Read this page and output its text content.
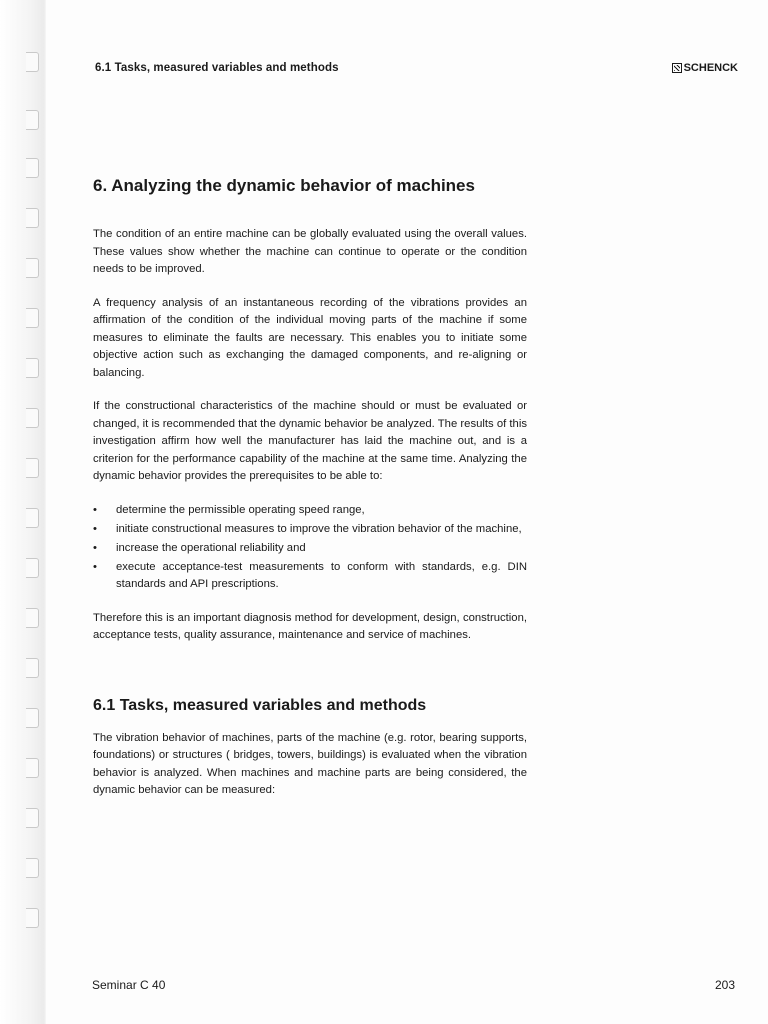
6.1 Tasks, measured variables and methods	SCHENCK
6. Analyzing the dynamic behavior of machines

The condition of an entire machine can be globally evaluated using the overall values. These values show whether the machine can continue to operate or the condition needs to be improved.

A frequency analysis of an instantaneous recording of the vibrations provides an affirmation of the condition of the individual moving parts of the machine if some measures to eliminate the faults are necessary. This enables you to initiate some objective action such as exchanging the damaged components, and re-aligning or balancing.

If the constructional characteristics of the machine should or must be evaluated or changed, it is recommended that the dynamic behavior be analyzed. The results of this investigation affirm how well the manufacturer has laid the machine out, and is a criterion for the performance capability of the machine at the same time. Analyzing the dynamic behavior provides the prerequisites to be able to:

• determine the permissible operating speed range,
• initiate constructional measures to improve the vibration behavior of the machine,
• increase the operational reliability and
• execute acceptance-test measurements to conform with standards, e.g. DIN standards and API prescriptions.

Therefore this is an important diagnosis method for development, design, construction, acceptance tests, quality assurance, maintenance and service of machines.

6.1 Tasks, measured variables and methods

The vibration behavior of machines, parts of the machine (e.g. rotor, bearing supports, foundations) or structures ( bridges, towers, buildings) is evaluated when the vibration behavior is analyzed. When machines and machine parts are being considered, the dynamic behavior can be measured:

Seminar C 40	203
